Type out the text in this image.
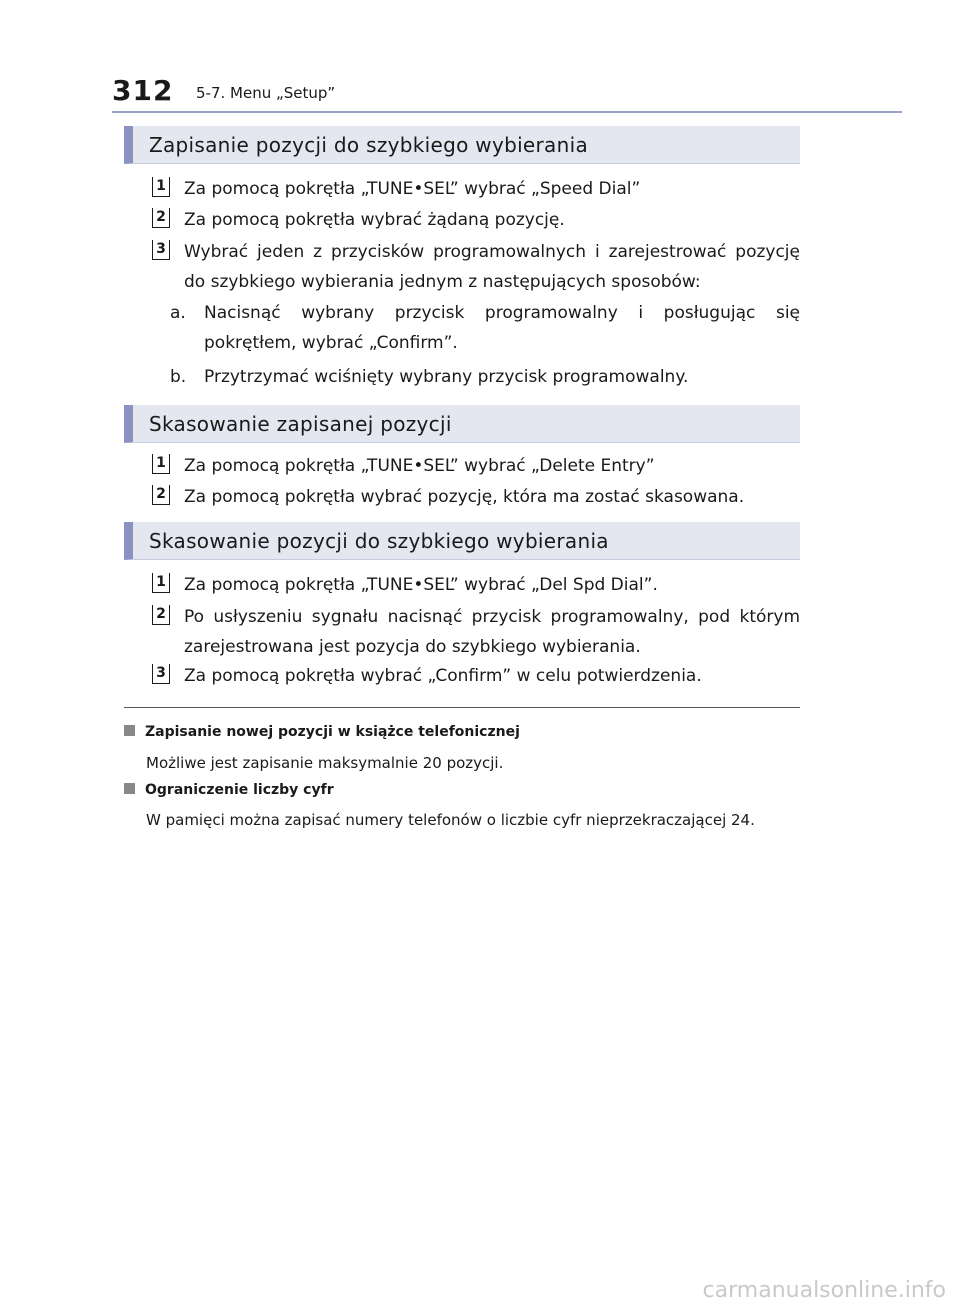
312 5-7. Menu „Setup”
Zapisanie pozycji do szybkiego wybierania
1 Za pomocą pokrętła „TUNE•SEL” wybrać „Speed Dial”
2 Za pomocą pokrętła wybrać żądaną pozycję.
3 Wybrać jeden z przycisków programowalnych i zarejestrować pozycję do szybkiego wybierania jednym z następujących sposobów:
a. Nacisnąć wybrany przycisk programowalny i posługując się pokrętłem, wybrać „Confirm”.
b. Przytrzymać wciśnięty wybrany przycisk programowalny.
Skasowanie zapisanej pozycji
1 Za pomocą pokrętła „TUNE•SEL” wybrać „Delete Entry”
2 Za pomocą pokrętła wybrać pozycję, która ma zostać skasowana.
Skasowanie pozycji do szybkiego wybierania
1 Za pomocą pokrętła „TUNE•SEL” wybrać „Del Spd Dial”.
2 Po usłyszeniu sygnału nacisnąć przycisk programowalny, pod którym zarejestrowana jest pozycja do szybkiego wybierania.
3 Za pomocą pokrętła wybrać „Confirm” w celu potwierdzenia.
Zapisanie nowej pozycji w książce telefonicznej
Możliwe jest zapisanie maksymalnie 20 pozycji.
Ograniczenie liczby cyfr
W pamięci można zapisać numery telefonów o liczbie cyfr nieprzekraczającej 24.
carmanualsonline.info
